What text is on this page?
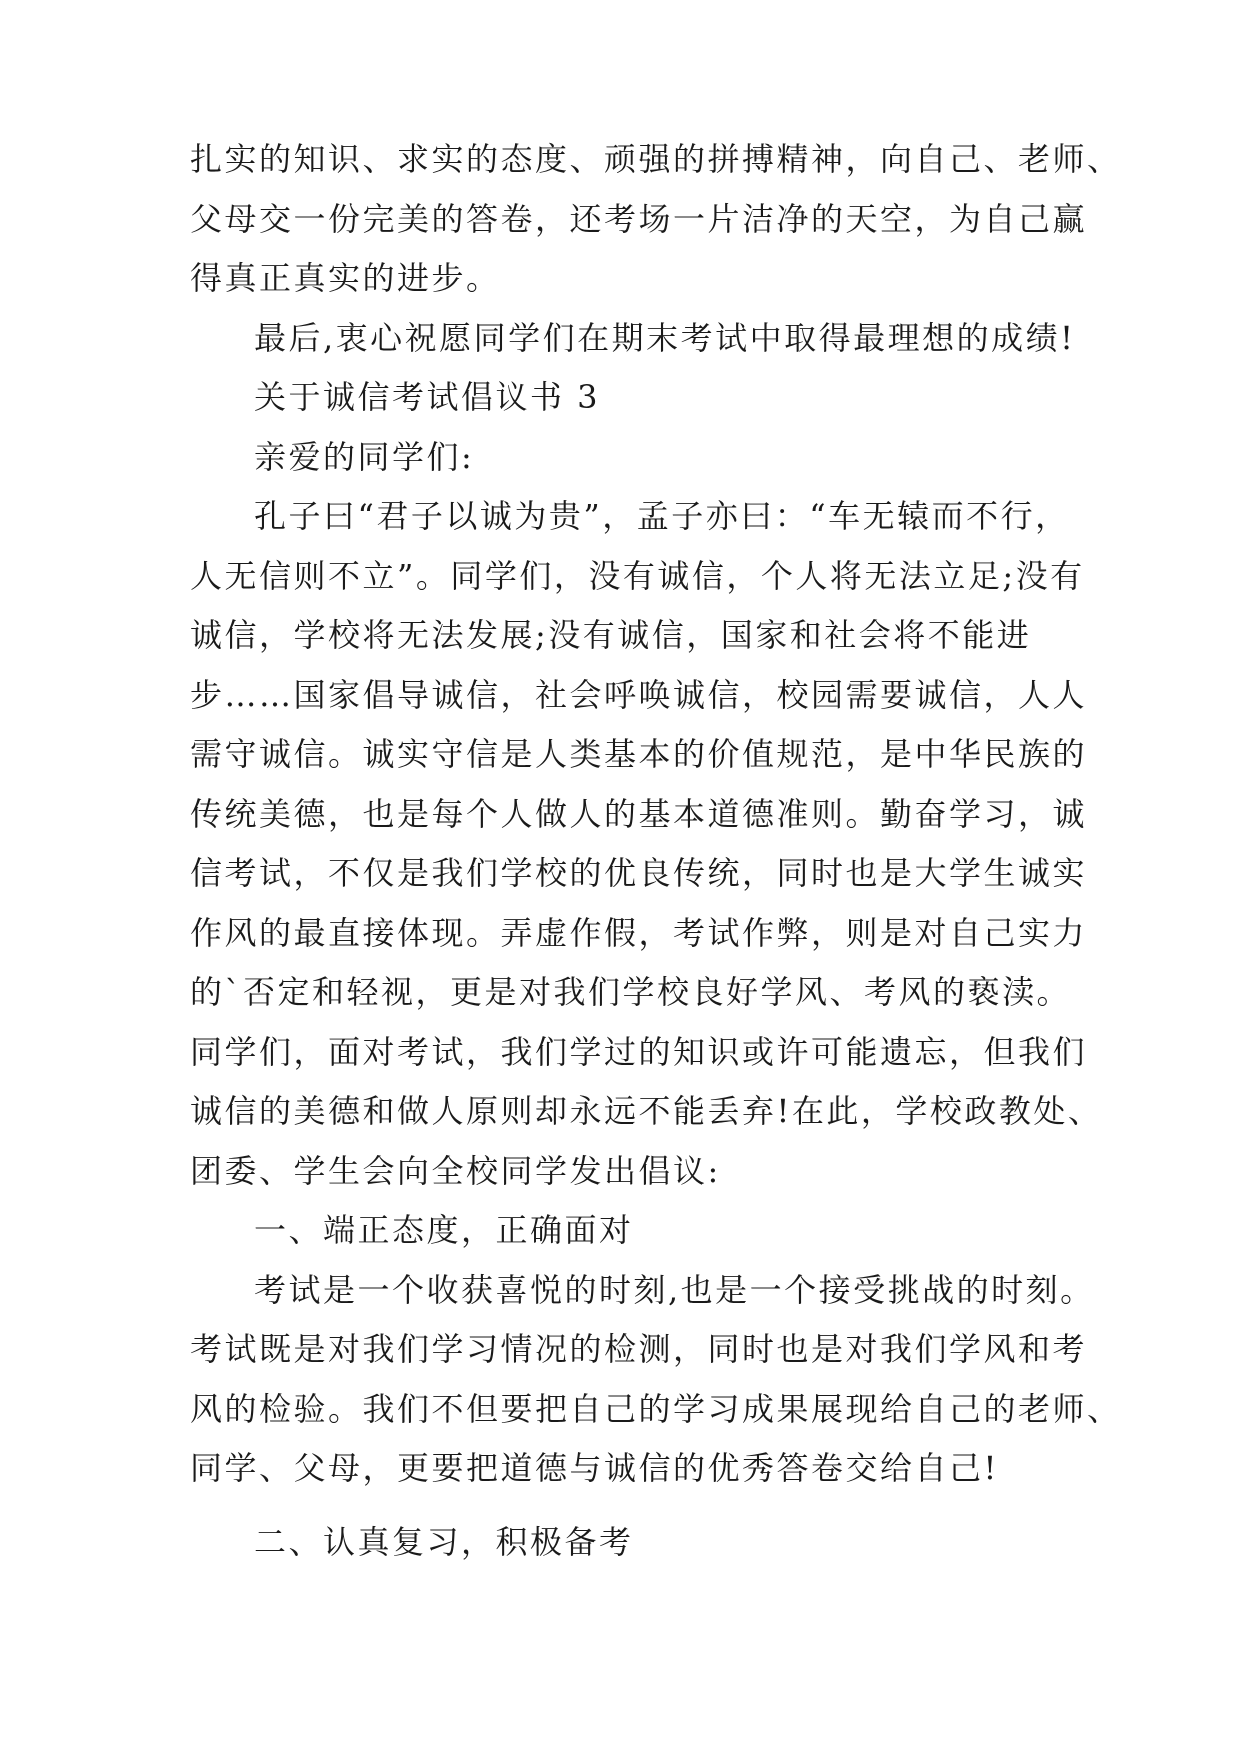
扎实的知识、求实的态度、顽强的拼搏精神，向自己、老师、
父母交一份完美的答卷，还考场一片洁净的天空，为自己赢
得真正真实的进步。
最后,衷心祝愿同学们在期末考试中取得最理想的成绩!
关于诚信考试倡议书 3
亲爱的同学们:
孔子曰“君子以诚为贵”，孟子亦曰：“车无辕而不行，
人无信则不立”。同学们，没有诚信，个人将无法立足;没有
诚信，学校将无法发展;没有诚信，国家和社会将不能进
步……国家倡导诚信，社会呼唤诚信，校园需要诚信，人人
需守诚信。诚实守信是人类基本的价值规范，是中华民族的
传统美德，也是每个人做人的基本道德准则。勤奋学习，诚
信考试，不仅是我们学校的优良传统，同时也是大学生诚实
作风的最直接体现。弄虚作假，考试作弊，则是对自己实力
的`否定和轻视，更是对我们学校良好学风、考风的亵渎。
同学们，面对考试，我们学过的知识或许可能遗忘，但我们
诚信的美德和做人原则却永远不能丢弃!在此，学校政教处、
团委、学生会向全校同学发出倡议:
一、端正态度，正确面对
考试是一个收获喜悦的时刻,也是一个接受挑战的时刻。
考试既是对我们学习情况的检测，同时也是对我们学风和考
风的检验。我们不但要把自己的学习成果展现给自己的老师、
同学、父母，更要把道德与诚信的优秀答卷交给自己!
二、认真复习，积极备考
